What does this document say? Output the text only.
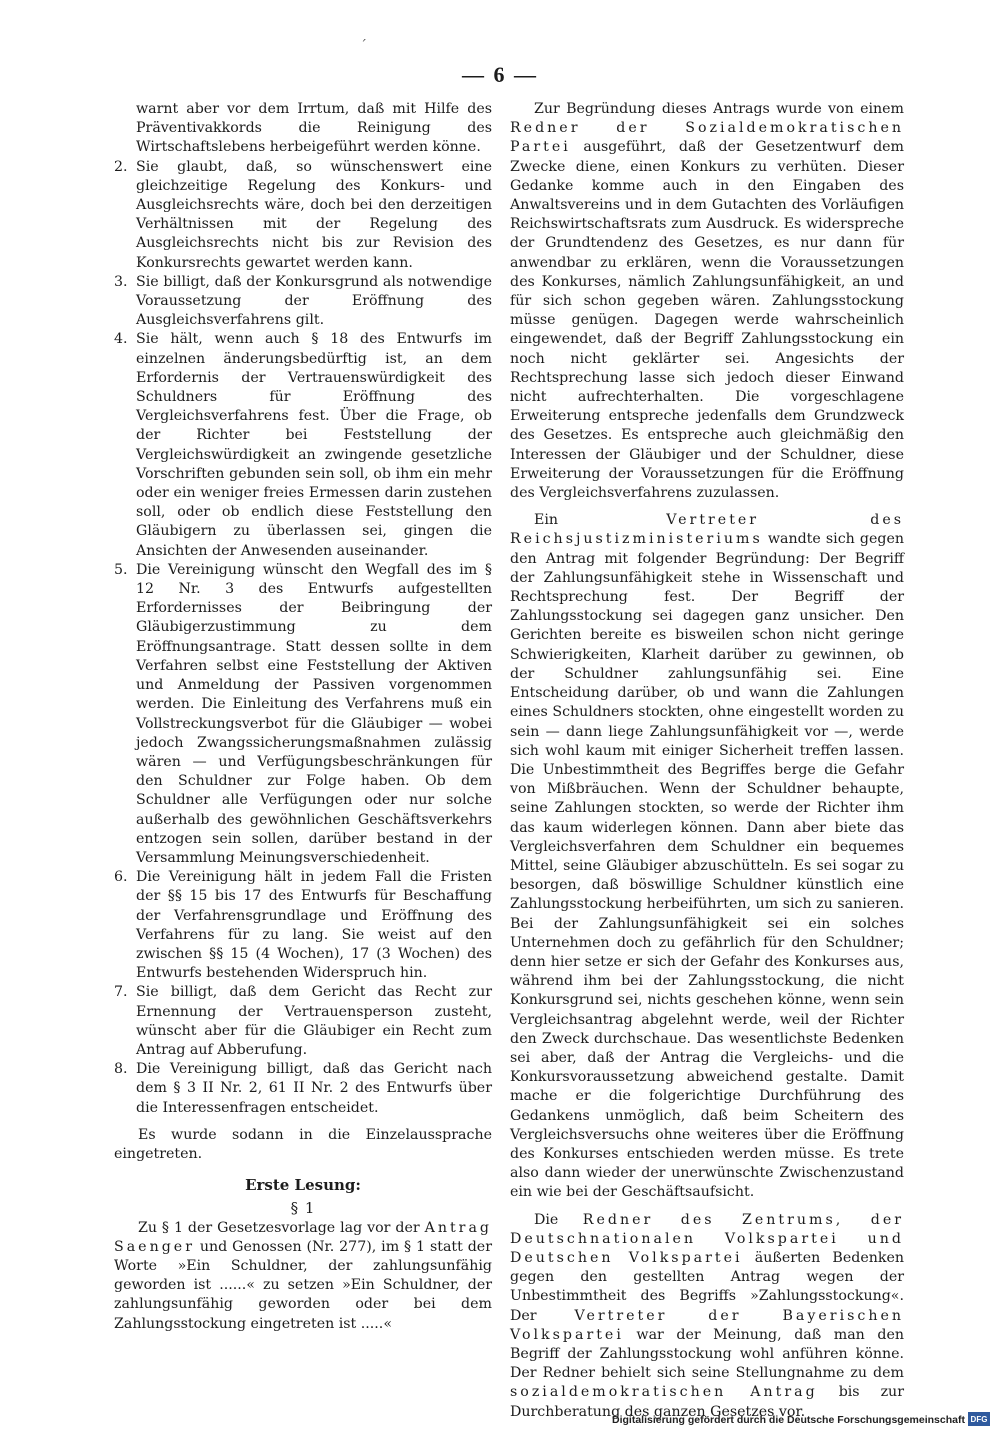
´
— 6 —

warnt aber vor dem Irrtum, daß mit Hilfe des Präventivakkords die Reinigung des Wirtschaftslebens herbeigeführt werden könne.

2. Sie glaubt, daß, so wünschenswert eine gleichzeitige Regelung des Konkurs- und Ausgleichsrechts wäre, doch bei den derzeitigen Verhältnissen mit der Regelung des Ausgleichsrechts nicht bis zur Revision des Konkursrechts gewartet werden kann.
3. Sie billigt, daß der Konkursgrund als notwendige Voraussetzung der Eröffnung des Ausgleichsverfahrens gilt.
4. Sie hält, wenn auch § 18 des Entwurfs im einzelnen änderungsbedürftig ist, an dem Erfordernis der Vertrauenswürdigkeit des Schuldners für Eröffnung des Vergleichsverfahrens fest. Über die Frage, ob der Richter bei Feststellung der Vergleichswürdigkeit an zwingende gesetzliche Vorschriften gebunden sein soll, ob ihm ein mehr oder ein weniger freies Ermessen darin zustehen soll, oder ob endlich diese Feststellung den Gläubigern zu überlassen sei, gingen die Ansichten der Anwesenden auseinander.
5. Die Vereinigung wünscht den Wegfall des im § 12 Nr. 3 des Entwurfs aufgestellten Erfordernisses der Beibringung der Gläubigerzustimmung zu dem Eröffnungsantrage. Statt dessen sollte in dem Verfahren selbst eine Feststellung der Aktiven und Anmeldung der Passiven vorgenommen werden. Die Einleitung des Verfahrens muß ein Vollstreckungsverbot für die Gläubiger — wobei jedoch Zwangssicherungsmaßnahmen zulässig wären — und Verfügungsbeschränkungen für den Schuldner zur Folge haben. Ob dem Schuldner alle Verfügungen oder nur solche außerhalb des gewöhnlichen Geschäftsverkehrs entzogen sein sollen, darüber bestand in der Versammlung Meinungsverschiedenheit.
6. Die Vereinigung hält in jedem Fall die Fristen der §§ 15 bis 17 des Entwurfs für Beschaffung der Verfahrensgrundlage und Eröffnung des Verfahrens für zu lang. Sie weist auf den zwischen §§ 15 (4 Wochen), 17 (3 Wochen) des Entwurfs bestehenden Widerspruch hin.
7. Sie billigt, daß dem Gericht das Recht zur Ernennung der Vertrauensperson zusteht, wünscht aber für die Gläubiger ein Recht zum Antrag auf Abberufung.
8. Die Vereinigung billigt, daß das Gericht nach dem § 3 II Nr. 2, 61 II Nr. 2 des Entwurfs über die Interessenfragen entscheidet.

Es wurde sodann in die Einzelaussprache eingetreten.

Erste Lesung:
§ 1

Zu § 1 der Gesetzesvorlage lag vor der Antrag Saenger und Genossen (Nr. 277), im § 1 statt der Worte »Ein Schuldner, der zahlungsunfähig geworden ist ......« zu setzen »Ein Schuldner, der zahlungsunfähig geworden oder bei dem Zahlungsstockung eingetreten ist .....«

Zur Begründung dieses Antrags wurde von einem Redner der Sozialdemokratischen Partei ausgeführt, daß der Gesetzentwurf dem Zwecke diene, einen Konkurs zu verhüten. Dieser Gedanke komme auch in den Eingaben des Anwaltsvereins und in dem Gutachten des Vorläufigen Reichswirtschaftsrats zum Ausdruck. Es widerspreche der Grundtendenz des Gesetzes, es nur dann für anwendbar zu erklären, wenn die Voraussetzungen des Konkurses, nämlich Zahlungsunfähigkeit, an und für sich schon gegeben wären. Zahlungsstockung müsse genügen. Dagegen werde wahrscheinlich eingewendet, daß der Begriff Zahlungsstockung ein noch nicht geklärter sei. Angesichts der Rechtsprechung lasse sich jedoch dieser Einwand nicht aufrechterhalten. Die vorgeschlagene Erweiterung entspreche jedenfalls dem Grundzweck des Gesetzes. Es entspreche auch gleichmäßig den Interessen der Gläubiger und der Schuldner, diese Erweiterung der Voraussetzungen für die Eröffnung des Vergleichsverfahrens zuzulassen.

Ein	Vertreter des Reichsjustizministeriums wandte sich gegen den Antrag mit folgender Begründung: Der Begriff der Zahlungsunfähigkeit stehe in Wissenschaft und Rechtsprechung fest. Der Begriff der Zahlungsstockung sei dagegen ganz unsicher. Den Gerichten bereite es bisweilen schon nicht geringe Schwierigkeiten, Klarheit darüber zu gewinnen, ob der Schuldner zahlungsunfähig sei. Eine Entscheidung darüber, ob und wann die Zahlungen eines Schuldners stockten, ohne eingestellt worden zu sein — dann liege Zahlungsunfähigkeit vor —, werde sich wohl kaum mit einiger Sicherheit treffen lassen. Die Unbestimmtheit des Begriffes berge die Gefahr von Mißbräuchen. Wenn der Schuldner behaupte, seine Zahlungen stockten, so werde der Richter ihm das kaum widerlegen können. Dann aber biete das Vergleichsverfahren dem Schuldner ein bequemes Mittel, seine Gläubiger abzuschütteln. Es sei sogar zu besorgen, daß böswillige Schuldner künstlich eine Zahlungsstockung herbeiführten, um sich zu sanieren. Bei der Zahlungsunfähigkeit sei ein solches Unternehmen doch zu gefährlich für den Schuldner; denn hier setze er sich der Gefahr des Konkurses aus, während ihm bei der Zahlungsstockung, die nicht Konkursgrund sei, nichts geschehen könne, wenn sein Vergleichsantrag abgelehnt werde, weil der Richter den Zweck durchschaue. Das wesentlichste Bedenken sei aber, daß der Antrag die Vergleichs- und die Konkursvoraussetzung abweichend gestalte. Damit mache er die folgerichtige Durchführung des Gedankens unmöglich, daß beim Scheitern des Vergleichsversuchs ohne weiteres über die Eröffnung des Konkurses entschieden werden müsse. Es trete also dann wieder der unerwünschte Zwischenzustand ein wie bei der Geschäftsaufsicht.

Die Redner des Zentrums, der Deutschnationalen Volkspartei und Deutschen Volkspartei äußerten Bedenken gegen den gestellten Antrag wegen der Unbestimmtheit des Begriffs »Zahlungsstockung«. Der	Vertreter der Bayerischen Volkspartei war der Meinung, daß man den Begriff der Zahlungsstockung wohl anführen könne. Der Redner behielt sich seine Stellungnahme zu dem sozialdemokratischen Antrag bis zur Durchberatung des ganzen Gesetzes vor.

Digitalisierung gefördert durch die Deutsche Forschungsgemeinschaft DFG
